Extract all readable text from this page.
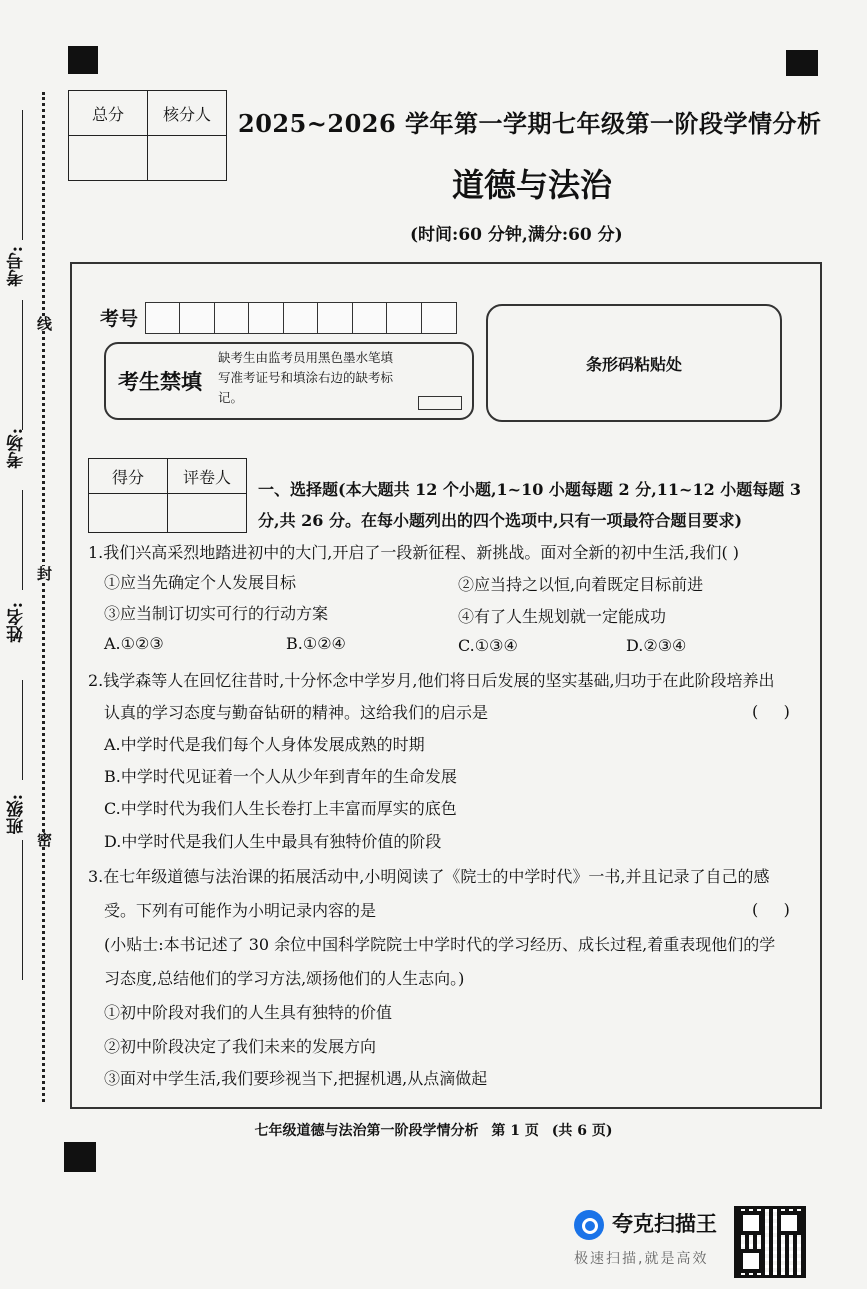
考号:
线
考场:
封
姓名:
密
班级:
总分	核分人
	2025~2026 学年第一学期七年级第一阶段学情分析
道德与法治
(时间:60 分钟,满分:60 分)
考号
考生禁填
缺考生由监考员用黑色墨水笔填写准考证号和填涂右边的缺考标记。
条形码粘贴处
得分	评卷人

一、选择题(本大题共 12 个小题,1~10 小题每题 2 分,11~12 小题每题 3 分,共 26 分。在每小题列出的四个选项中,只有一项最符合题目要求)
1.我们兴高采烈地踏进初中的大门,开启了一段新征程、新挑战。面对全新的初中生活,我们( )
①应当先确定个人发展目标	②应当持之以恒,向着既定目标前进
③应当制订切实可行的行动方案	④有了人生规划就一定能成功
A.①②③	B.①②④	C.①③④	D.②③④
2.钱学森等人在回忆往昔时,十分怀念中学岁月,他们将日后发展的坚实基础,归功于在此阶段培养出
认真的学习态度与勤奋钻研的精神。这给我们的启示是	(     )
A.中学时代是我们每个人身体发展成熟的时期
B.中学时代见证着一个人从少年到青年的生命发展
C.中学时代为我们人生长卷打上丰富而厚实的底色
D.中学时代是我们人生中最具有独特价值的阶段
3.在七年级道德与法治课的拓展活动中,小明阅读了《院士的中学时代》一书,并且记录了自己的感
受。下列有可能作为小明记录内容的是	(     )
(小贴士:本书记述了 30 余位中国科学院院士中学时代的学习经历、成长过程,着重表现他们的学
习态度,总结他们的学习方法,颂扬他们的人生志向。)
①初中阶段对我们的人生具有独特的价值
②初中阶段决定了我们未来的发展方向
③面对中学生活,我们要珍视当下,把握机遇,从点滴做起
七年级道德与法治第一阶段学情分析 第 1 页 (共 6 页)
夸克扫描王
极速扫描,就是高效
